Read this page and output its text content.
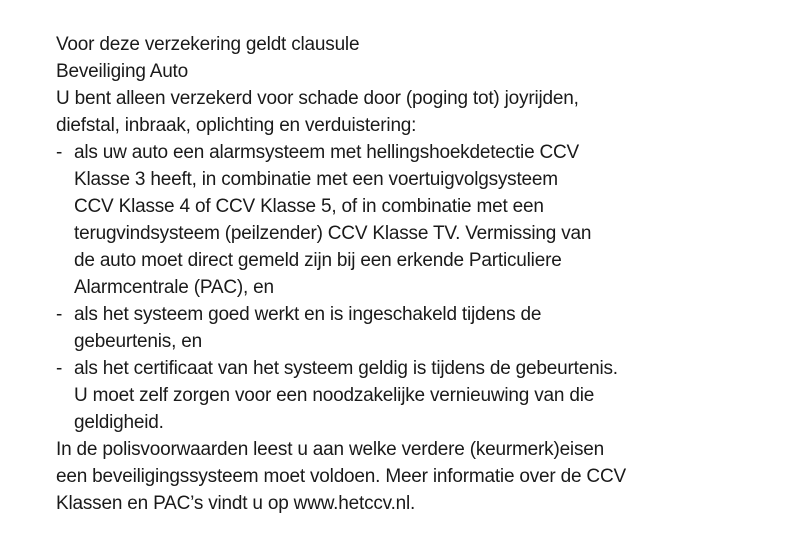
Voor deze verzekering geldt clausule
Beveiliging Auto
U bent alleen verzekerd voor schade door (poging tot) joyrijden,
diefstal, inbraak, oplichting en verduistering:
- als uw auto een alarmsysteem met hellingshoekdetectie CCV
Klasse 3 heeft, in combinatie met een voertuigvolgsysteem
CCV Klasse 4 of CCV Klasse 5, of in combinatie met een
terugvindsysteem (peilzender) CCV Klasse TV. Vermissing van
de auto moet direct gemeld zijn bij een erkende Particuliere
Alarmcentrale (PAC), en
- als het systeem goed werkt en is ingeschakeld tijdens de
gebeurtenis, en
- als het certificaat van het systeem geldig is tijdens de gebeurtenis.
U moet zelf zorgen voor een noodzakelijke vernieuwing van die
geldigheid.
In de polisvoorwaarden leest u aan welke verdere (keurmerk)eisen
een beveiligingssysteem moet voldoen. Meer informatie over de CCV
Klassen en PAC’s vindt u op www.hetccv.nl.
